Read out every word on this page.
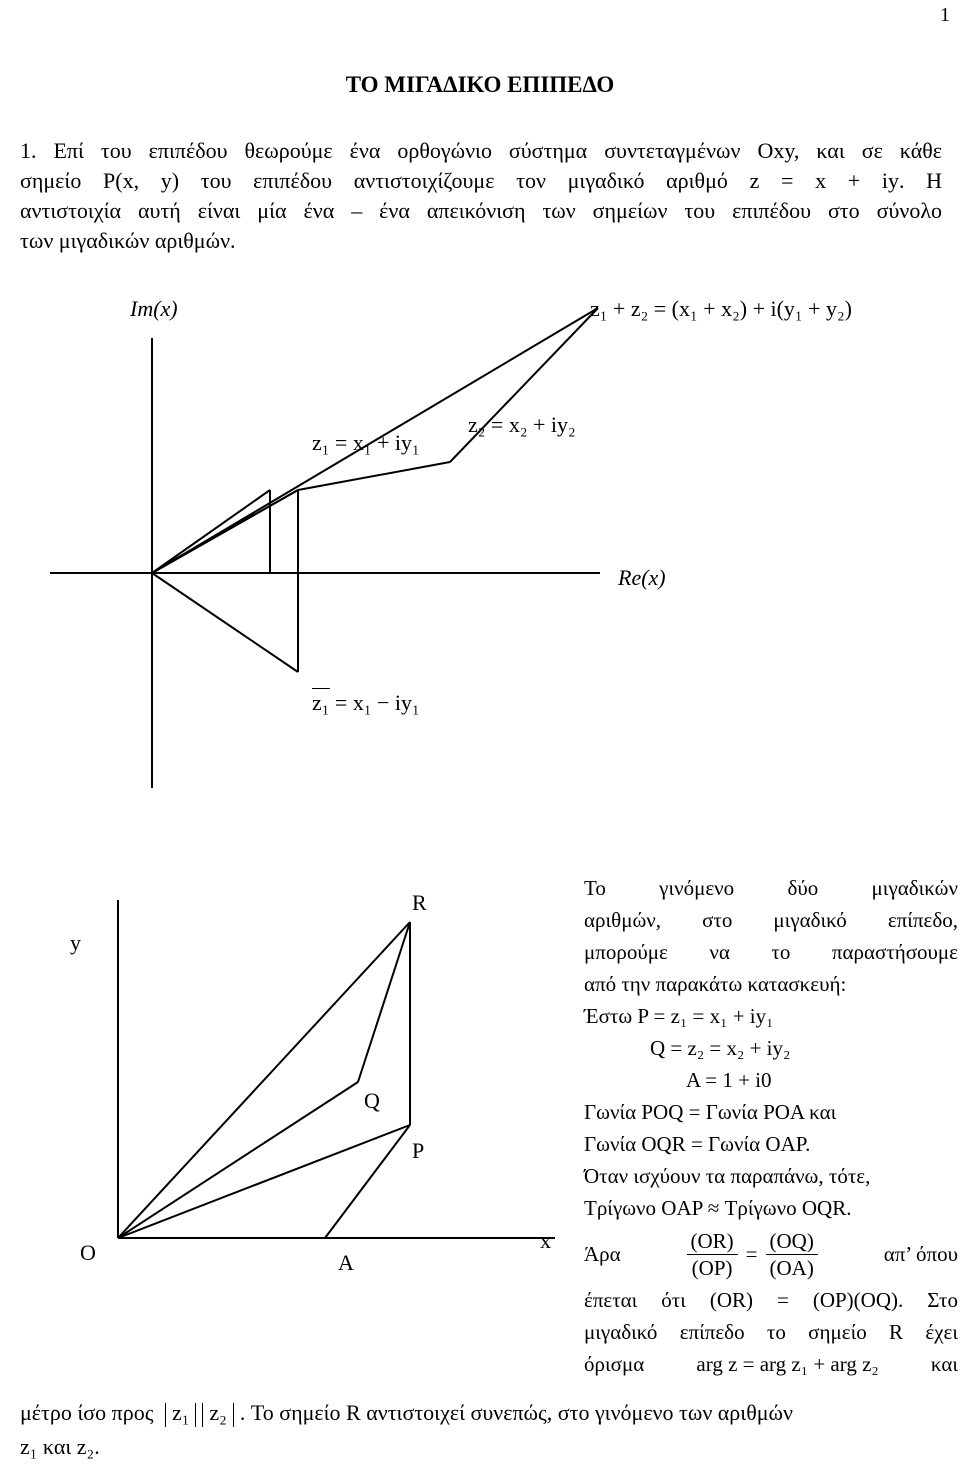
1
ΤΟ ΜΙΓΑΔΙΚΟ ΕΠΙΠΕΔΟ
1. Επί του επιπέδου θεωρούμε ένα ορθογώνιο σύστημα συντεταγμένων Oxy, και σε κάθε
σημείο P(x, y) του επιπέδου αντιστοιχίζουμε τον μιγαδικό αριθμό z = x + iy. Η
αντιστοιχία αυτή είναι μία ένα – ένα απεικόνιση των σημείων του επιπέδου στο σύνολο
των μιγαδικών αριθμών.
Im(x)	z₁ + z₂ = (x₁ + x₂) + i(y₁ + y₂)
z₁ = x₁ + iy₁
z₂ = x₂ + iy₂
Re(x)
z₁ = x₁ − iy₁
y
x
O	A
P
Q
R
Το γινόμενο δύο μιγαδικών
αριθμών, στο μιγαδικό επίπεδο,
μπορούμε να το παραστήσουμε
από την παρακάτω κατασκευή:
Έστω P = z₁ = x₁ + iy₁
Q = z₂ = x₂ + iy₂
A = 1 + i0
Γωνία POQ = Γωνία POA και
Γωνία OQR = Γωνία OAP.
Όταν ισχύουν τα παραπάνω, τότε,
Τρίγωνο OAP ≈ Τρίγωνο OQR.
Άρα	$\frac{(OR)}{(OP)} = \frac{(OQ)}{(OA)}$	απ’ όπου
έπεται ότι (OR) = (OP)(OQ). Στο
μιγαδικό επίπεδο το σημείο R έχει
όρισμα arg z = arg z₁ + arg z₂ και
μέτρο ίσο προς z₁ z₂ . Το σημείο R αντιστοιχεί συνεπώς, στο γινόμενο των αριθμών
z₁ και z₂.
